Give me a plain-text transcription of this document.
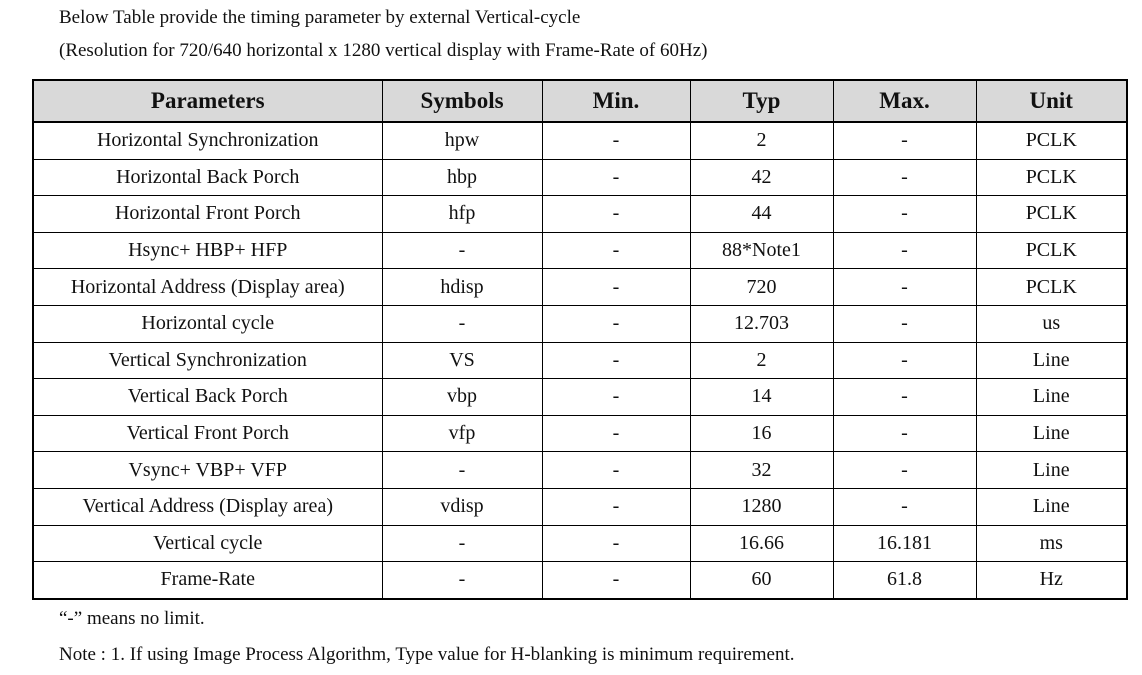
Below Table provide the timing parameter by external Vertical-cycle
(Resolution for 720/640 horizontal x 1280 vertical display with Frame-Rate of 60Hz)
Parameters	Symbols	Min.	Typ	Max.	Unit
Horizontal Synchronization	hpw	-	2	-	PCLK
Horizontal Back Porch	hbp	-	42	-	PCLK
Horizontal Front Porch	hfp	-	44	-	PCLK
Hsync+ HBP+ HFP	-	-	88*Note1	-	PCLK
Horizontal Address (Display area)	hdisp	-	720	-	PCLK
Horizontal cycle	-	-	12.703	-	us
Vertical Synchronization	VS	-	2	-	Line
Vertical Back Porch	vbp	-	14	-	Line
Vertical Front Porch	vfp	-	16	-	Line
Vsync+ VBP+ VFP	-	-	32	-	Line
Vertical Address (Display area)	vdisp	-	1280	-	Line
Vertical cycle	-	-	16.66	16.181	ms
Frame-Rate	-	-	60	61.8	Hz
“-” means no limit.
Note : 1. If using Image Process Algorithm, Type value for H-blanking is minimum requirement.
